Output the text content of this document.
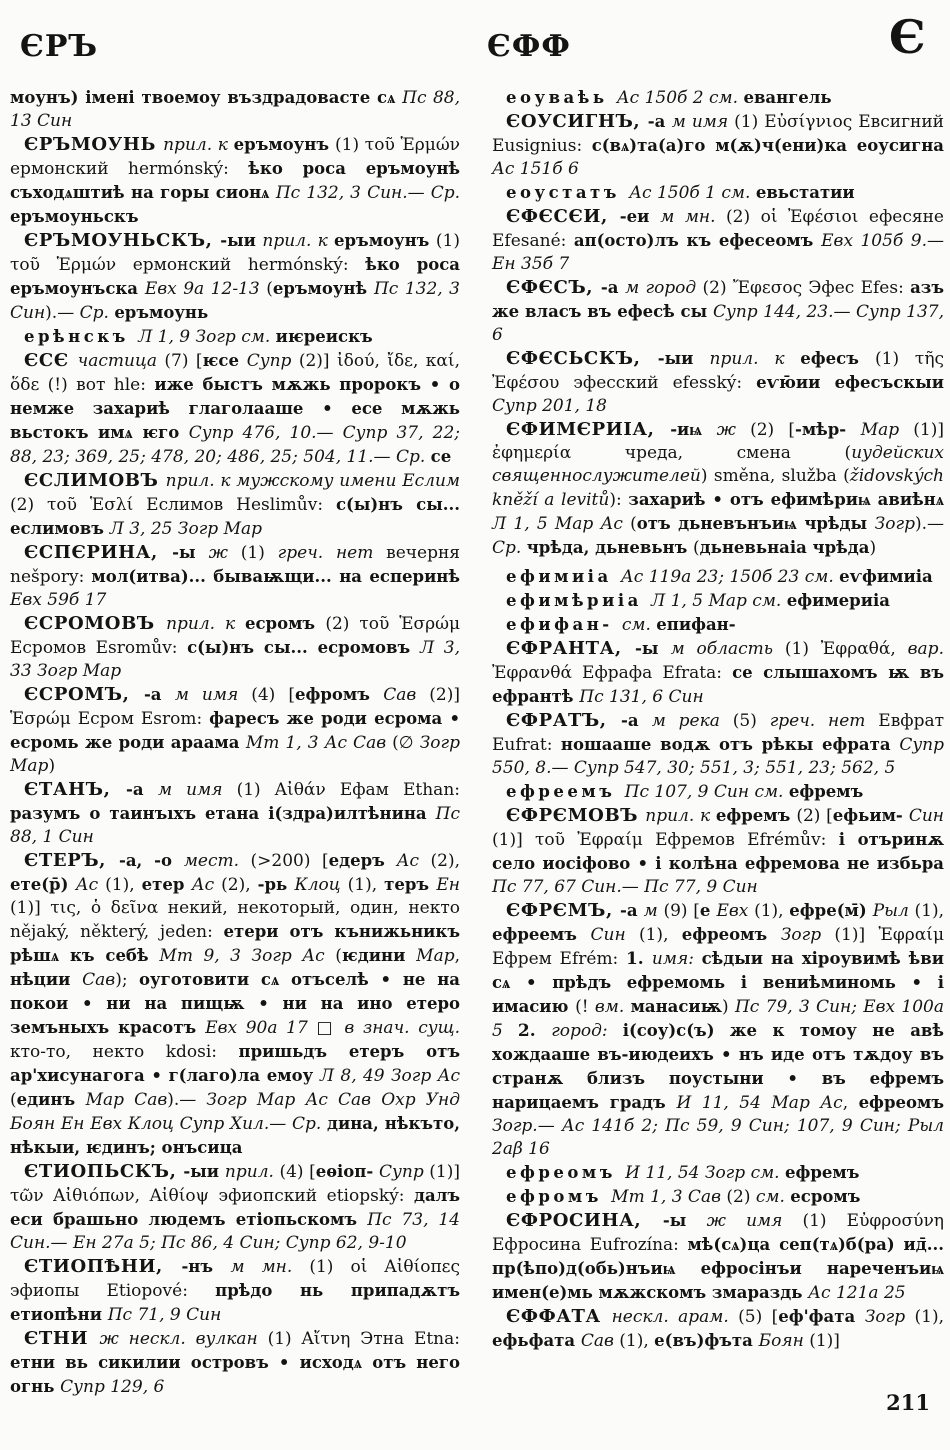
ЄРЪ	ЄФФ	Є

моунъ) імені твоемоу въздрадовасте сѧ Пс 88, 13 Син

ЄРЪМОУНЬ прил. к еръмоунъ (1) τοῦ Ἑρμών ермонский hermónský: ѣко роса еръмоунѣ съходѧштиѣ на горы сионѧ Пс 132, 3 Син.— Ср. еръмоуньскъ

ЄРЪМОУНЬСКЪ, -ыи прил. к еръмоунъ (1) τοῦ Ἑρμών ермонский hermónský: ѣко роса еръмоунъска Евх 9а 12-13 (еръмоунѣ Пс 132, 3 Син).— Ср. еръмоунь

ерѣнскъ Л 1, 9 Зогр см. иѥреискъ

ЄСЄ частица (7) [ѥсе Супр (2)] ἰδού, ἴδε, καί, ὅδε (!) вот hle: иже быстъ мѫжь пророкъ • о немже захариѣ глаголааше • есе мѫжь вьстокъ имѧ ѥго Супр 476, 10.— Супр 37, 22; 88, 23; 369, 25; 478, 20; 486, 25; 504, 11.— Ср. се

ЄСЛИМОВЪ прил. к мужскому имени Еслим (2) τοῦ Ἑσλί Еслимов Heslimův: с(ы)нъ сы... еслимовъ Л 3, 25 Зогр Мар

ЄСПЄРИНА, -ы ж (1) греч. нет вечерня nešpory: мол(итва)... бываѭщи... на есперинѣ Евх 59б 17

ЄСРОМОВЪ прил. к есромъ (2) τοῦ Ἑσρώμ Есромов Esromův: с(ы)нъ сы... есромовъ Л 3, 33 Зогр Мар

ЄСРОМЪ, -а м имя (4) [ефромъ Сав (2)] Ἑσρώμ Есром Esrom: фаресъ же роди есрома • есромь же роди араама Мт 1, 3 Ас Сав (∅ Зогр Мар)

ЄТАНЪ, -а м имя (1) Αἰθάν Ефам Ethan: разумъ о таинъıхъ етана і(здра)илтѣнина Пс 88, 1 Син

ЄТЕРЪ, -а, -о мест. (>200) [едеръ Ас (2), ете(р̄) Ас (1), етер Ас (2), -рь Клоц (1), теръ Ен (1)] τις, ὁ δεῖνα некий, некоторый, один, некто nějaký, některý, jeden: етери отъ кънижьникъ рѣшѧ къ себѣ Мт 9, 3 Зогр Ас (ѥдини Мар, нѣции Сав); оуготовити сѧ отъселѣ • не на покои • ни на пищѭ • ни на ино етеро земъныхъ красотъ Евх 90а 17 □ в знач. сущ. кто-то, некто kdosi: пришьдъ етеръ отъ ар'хисунагога • г(лаго)ла емоу Л 8, 49 Зогр Ас (единъ Мар Сав).— Зогр Мар Ас Сав Охр Унд Боян Ен Евх Клоц Супр Хил.— Ср. дина, нѣкъто, нѣкыи, ѥдинъ; онъсица

ЄТИОПЬСКЪ, -ыи прил. (4) [еѳіоп- Супр (1)] τῶν Αἰθιόπων, Αἰθίοψ эфиопский etiopský: далъ еси брашьно людемъ етіопьскомъ Пс 73, 14 Син.— Ен 27а 5; Пс 86, 4 Син; Супр 62, 9-10

ЄТИОПѢНИ, -нъ м мн. (1) οἱ Αἰθίοπες эфиопы Etiopové: прѣдо нь припадѫтъ етиопѣни Пс 71, 9 Син

ЄТНИ ж нескл. вулкан (1) Αἴτνη Этна Etna: етни вь сикилии островъ • исходѧ отъ него огнь Супр 129, 6

еоуваѣь Ас 150б 2 см. евангель

ЄОУСИГНЪ, -а м имя (1) Εὐσίγνιος Евсигний Eusignius: с(вѧ)та(а)го м(ѫ)ч(ени)ка еоусигна Ас 151б 6

еоустатъ Ас 150б 1 см. евьстатии

ЄФЄСЄИ, -еи м мн. (2) οἱ Ἐφέσιοι ефесяне Efesané: ап(осто)лъ къ ефесеомъ Евх 105б 9.— Ен 35б 7

ЄФЄСЪ, -а м город (2) Ἔφεσος Эфес Efes: азъ же власъ въ ефесѣ сы Супр 144, 23.— Супр 137, 6

ЄФЄСЬСКЪ, -ыи прил. к ефесъ (1) τῆς Ἐφέσου эфесский efesský: еѵю̄ии ефесъскыи Супр 201, 18

ЄФИМЄРИІА, -иѩ ж (2) [-мѣр- Мар (1)] ἐφημερία чреда, смена (иудейских священнослужителей) směna, služba (židovských kněží a levitů): захариѣ • отъ ефимѣриѩ авиѣнѧ Л 1, 5 Мар Ас (отъ дьневънъиѩ чрѣды Зогр).— Ср. чрѣда, дьневьнъ (дьневьнаіа чрѣда)

ефимиіа Ас 119а 23; 150б 23 см. еѵфимиіа

ефимѣриіа Л 1, 5 Мар см. ефимериіа

ефифан- см. епифан-

ЄФРАНТА, -ы м область (1) Ἐφραθά, вар. Ἐφρανθά Ефрафа Efrata: се слышахомъ ѭ въ ефрантѣ Пс 131, 6 Син

ЄФРАТЪ, -а м река (5) греч. нет Евфрат Eufrat: ношааше водѫ отъ рѣкы ефрата Супр 550, 8.— Супр 547, 30; 551, 3; 551, 23; 562, 5

ефреемъ Пс 107, 9 Син см. ефремъ

ЄФРЄМОВЪ прил. к ефремъ (2) [ефьим- Син (1)] τοῦ Ἐφραίμ Ефремов Efrémův: і отъринѫ село иосіфово • і колѣна ефремова не избьра Пс 77, 67 Син.— Пс 77, 9 Син

ЄФРЄМЪ, -а м (9) [е Евх (1), ефре(м̄) Рыл (1), ефреемъ Син (1), ефреомъ Зогр (1)] Ἐφραίμ Ефрем Efrém: 1. имя: сѣдыи на хіроувимѣ ѣви сѧ • прѣдъ ефремомь і вениѣминомь • і имасию (! вм. манасиѭ) Пс 79, 3 Син; Евх 100а 5 2. город: і(соу)с(ъ) же к томоу не авѣ хождааше въ-июдеихъ • нъ иде отъ тѫдоу въ странѫ близъ поустыни • въ ефремъ нарицаемъ градъ И 11, 54 Мар Ас, ефреомъ Зогр.— Ас 141б 2; Пс 59, 9 Син; 107, 9 Син; Рыл 2аβ 16

ефреомъ И 11, 54 Зогр см. ефремъ

ефромъ Мт 1, 3 Сав (2) см. есромъ

ЄФРОСИНА, -ы ж имя (1) Εὐφροσύνη Ефросина Eufrozína: мѣ(сѧ)ца сеп(тѧ)б(ра) ид̄... пр(ѣпо)д(обь)нъиѩ ефросінъи нареченъиѩ имен(е)мь мѫжскомъ змараздь Ас 121а 25

ЄФФАТА нескл. арам. (5) [еф'фата Зогр (1), ефьфата Сав (1), е(въ)фъта Боян (1)]

211
